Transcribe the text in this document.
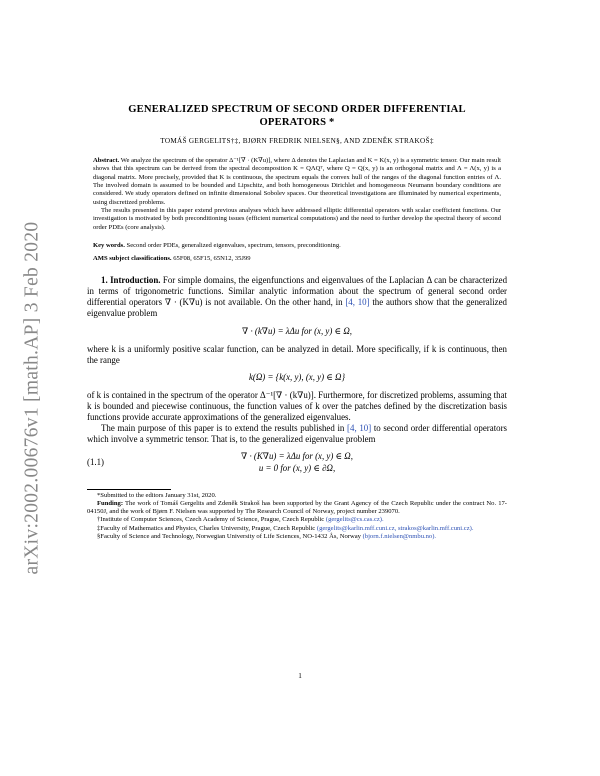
arXiv:2002.00676v1 [math.AP] 3 Feb 2020
GENERALIZED SPECTRUM OF SECOND ORDER DIFFERENTIAL
OPERATORS *
TOMÁŠ GERGELITS†‡, BJØRN FREDRIK NIELSEN§, AND ZDENĚK STRAKOŠ‡

Abstract. We analyze the spectrum of the operator Δ⁻¹[∇ · (K∇u)], where Δ denotes the Laplacian and K = K(x, y) is a symmetric tensor. Our main result shows that this spectrum can be derived from the spectral decomposition K = QΛQᵀ, where Q = Q(x, y) is an orthogonal matrix and Λ = Λ(x, y) is a diagonal matrix. More precisely, provided that K is continuous, the spectrum equals the convex hull of the ranges of the diagonal function entries of Λ. The involved domain is assumed to be bounded and Lipschitz, and both homogeneous Dirichlet and homogeneous Neumann boundary conditions are considered. We study operators defined on infinite dimensional Sobolev spaces. Our theoretical investigations are illuminated by numerical experiments, using discretized problems.

The results presented in this paper extend previous analyses which have addressed elliptic differential operators with scalar coefficient functions. Our investigation is motivated by both preconditioning issues (efficient numerical computations) and the need to further develop the spectral theory of second order PDEs (core analysis).

Key words. Second order PDEs, generalized eigenvalues, spectrum, tensors, preconditioning.
AMS subject classifications. 65F08, 65F15, 65N12, 35J99

1. Introduction. For simple domains, the eigenfunctions and eigenvalues of the Laplacian Δ can be characterized in terms of trigonometric functions. Similar analytic information about the spectrum of general second order differential operators ∇ · (K∇u) is not available. On the other hand, in [4, 10] the authors show that the generalized eigenvalue problem

∇ · (k∇u) = λΔu for (x, y) ∈ Ω,

where k is a uniformly positive scalar function, can be analyzed in detail. More specifically, if k is continuous, then the range

k(Ω) = {k(x, y), (x, y) ∈ Ω}

of k is contained in the spectrum of the operator Δ⁻¹[∇ · (k∇u)]. Furthermore, for discretized problems, assuming that k is bounded and piecewise continuous, the function values of k over the patches defined by the discretization basis functions provide accurate approximations of the generalized eigenvalues.

The main purpose of this paper is to extend the results published in [4, 10] to second order differential operators which involve a symmetric tensor. That is, to the generalized eigenvalue problem

(1.1)
∇ · (K∇u) = λΔu for (x, y) ∈ Ω,
u = 0 for (x, y) ∈ ∂Ω,

*Submitted to the editors January 31st, 2020.

Funding: The work of Tomáš Gergelits and Zdeněk Strakoš has been supported by the Grant Agency of the Czech Republic under the contract No. 17-04150J, and the work of Bjørn F. Nielsen was supported by The Research Council of Norway, project number 239070.

†Institute of Computer Sciences, Czech Academy of Science, Prague, Czech Republic (gergelits@cs.cas.cz).

‡Faculty of Mathematics and Physics, Charles University, Prague, Czech Republic (gergelits@karlin.mff.cuni.cz, strakos@karlin.mff.cuni.cz).

§Faculty of Science and Technology, Norwegian University of Life Sciences, NO-1432 Ås, Norway (bjorn.f.nielsen@nmbu.no).

1
